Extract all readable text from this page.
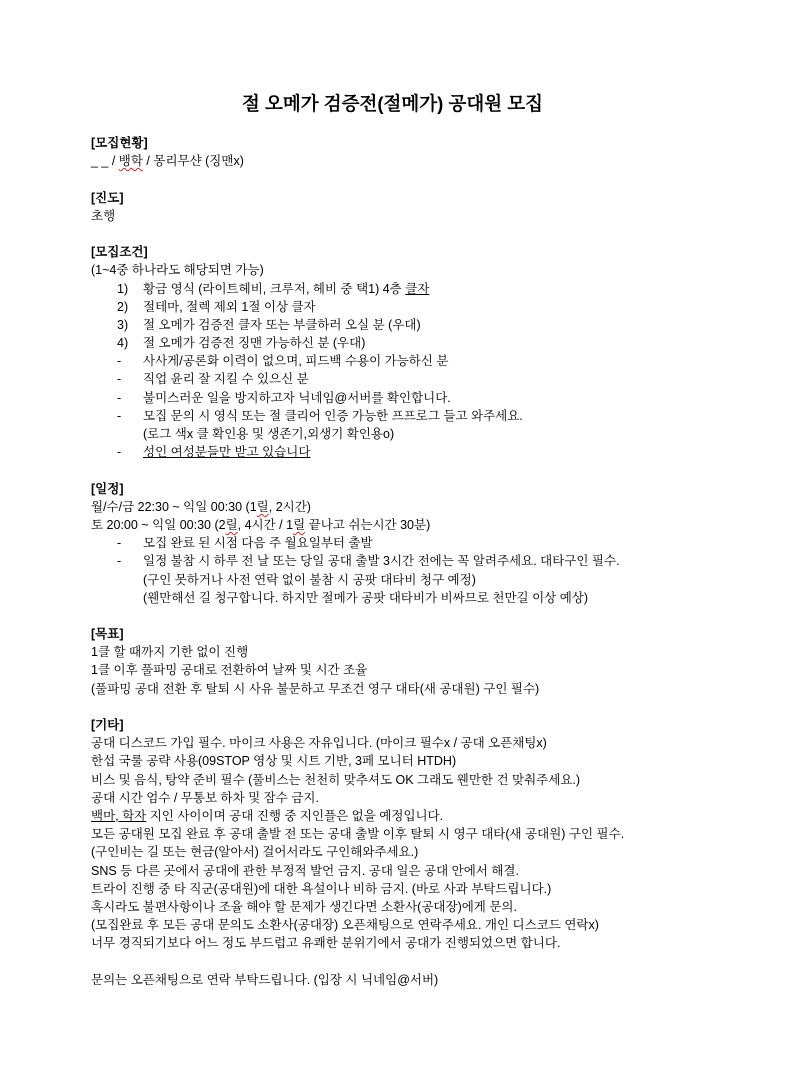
절 오메가 검증전(절메가) 공대원 모집
[모집현황]
_ _ / 뱅학 / 몽리무샨 (징맨x)
[진도]
초행
[모집조건]
(1~4중 하나라도 해당되면 가능)
1) 황금 영식 (라이트헤비, 크루저, 헤비 중 택1) 4층 클자
2) 절테마, 절렉 제외 1절 이상 클자
3) 절 오메가 검증전 클자 또는 부클하러 오실 분 (우대)
4) 절 오메가 검증전 징맨 가능하신 분 (우대)
- 사사게/공론화 이력이 없으며, 피드백 수용이 가능하신 분
- 직업 윤리 잘 지킬 수 있으신 분
- 불미스러운 일을 방지하고자 닉네임@서버를 확인합니다.
- 모집 문의 시 영식 또는 절 클리어 인증 가능한 프프로그 들고 와주세요.
(로그 색x 클 확인용 및 생존기,외생기 확인용o)
- 성인 여성분들만 받고 있습니다
[일정]
월/수/금 22:30 ~ 익일 00:30 (1릴, 2시간)
토 20:00 ~ 익일 00:30 (2릴, 4시간 / 1릴 끝나고 쉬는시간 30분)
- 모집 완료 된 시점 다음 주 월요일부터 출발
- 일정 불참 시 하루 전 날 또는 당일 공대 출발 3시간 전에는 꼭 알려주세요. 대타구인 필수.
(구인 못하거나 사전 연락 없이 불참 시 공팟 대타비 청구 예정)
(웬만해선 길 청구합니다. 하지만 절메가 공팟 대타비가 비싸므로 천만길 이상 예상)
[목표]
1클 할 때까지 기한 없이 진행
1클 이후 풀파밍 공대로 전환하여 날짜 및 시간 조율
(풀파밍 공대 전환 후 탈퇴 시 사유 불문하고 무조건 영구 대타(새 공대원) 구인 필수)
[기타]
공대 디스코드 가입 필수. 마이크 사용은 자유입니다. (마이크 필수x / 공대 오픈채팅x)
한섭 국룰 공략 사용(09STOP 영상 및 시트 기반, 3페 모니터 HTDH)
비스 및 음식, 탕약 준비 필수 (풀비스는 천천히 맞추셔도 OK 그래도 웬만한 건 맞춰주세요.)
공대 시간 엄수 / 무통보 하차 및 잠수 금지.
백마, 학자 지인 사이이며 공대 진행 중 지인플은 없을 예정입니다.
모든 공대원 모집 완료 후 공대 출발 전 또는 공대 출발 이후 탈퇴 시 영구 대타(새 공대원) 구인 필수.
(구인비는 길 또는 현금(알아서) 걸어서라도 구인해와주세요.)
SNS 등 다른 곳에서 공대에 관한 부정적 발언 금지. 공대 일은 공대 안에서 해결.
트라이 진행 중 타 직군(공대원)에 대한 욕설이나 비하 금지. (바로 사과 부탁드립니다.)
혹시라도 불편사항이나 조율 해야 할 문제가 생긴다면 소환사(공대장)에게 문의.
(모집완료 후 모든 공대 문의도 소환사(공대장) 오픈채팅으로 연락주세요. 개인 디스코드 연락x)
너무 경직되기보다 어느 정도 부드럽고 유쾌한 분위기에서 공대가 진행되었으면 합니다.
문의는 오픈채팅으로 연락 부탁드립니다. (입장 시 닉네임@서버)
